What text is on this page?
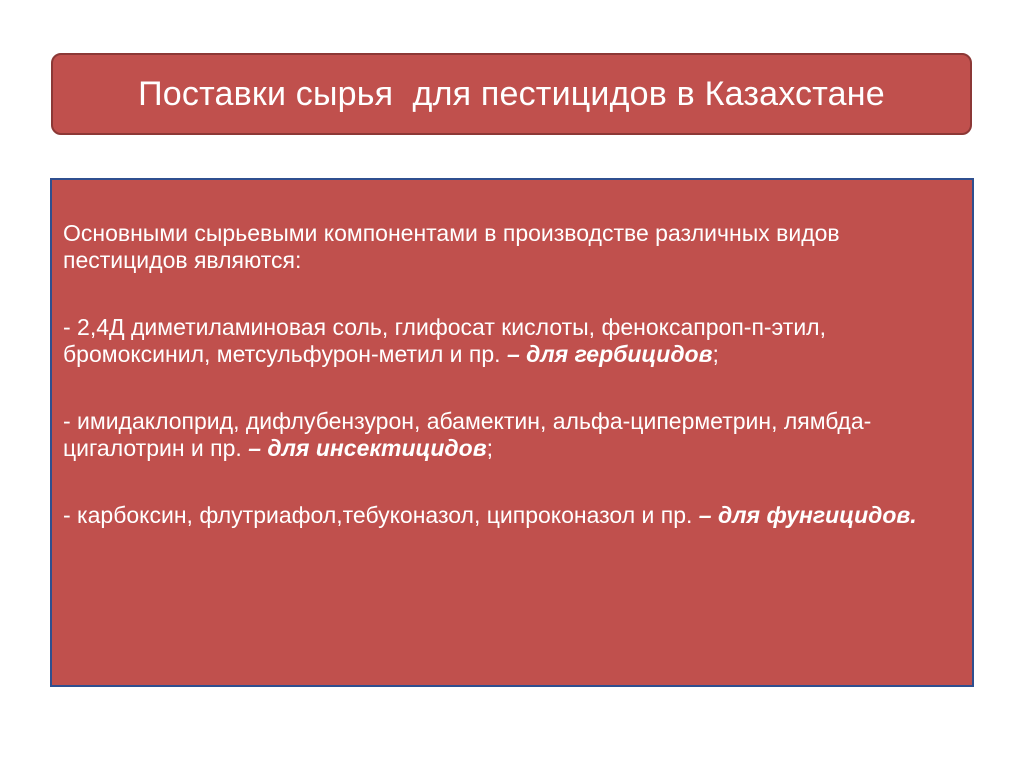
Поставки сырья  для пестицидов в Казахстане

Основными сырьевыми компонентами в производстве различных видов пестицидов являются:

- 2,4Д диметиламиновая соль, глифосат кислоты, феноксапроп-п-этил, бромоксинил, метсульфурон-метил и пр. – для гербицидов;

- имидаклоприд, дифлубензурон, абамектин, альфа-циперметрин, лямбда-цигалотрин и пр. – для инсектицидов;

- карбоксин, флутриафол,тебуконазол, ципроконазол и пр. – для фунгицидов.
